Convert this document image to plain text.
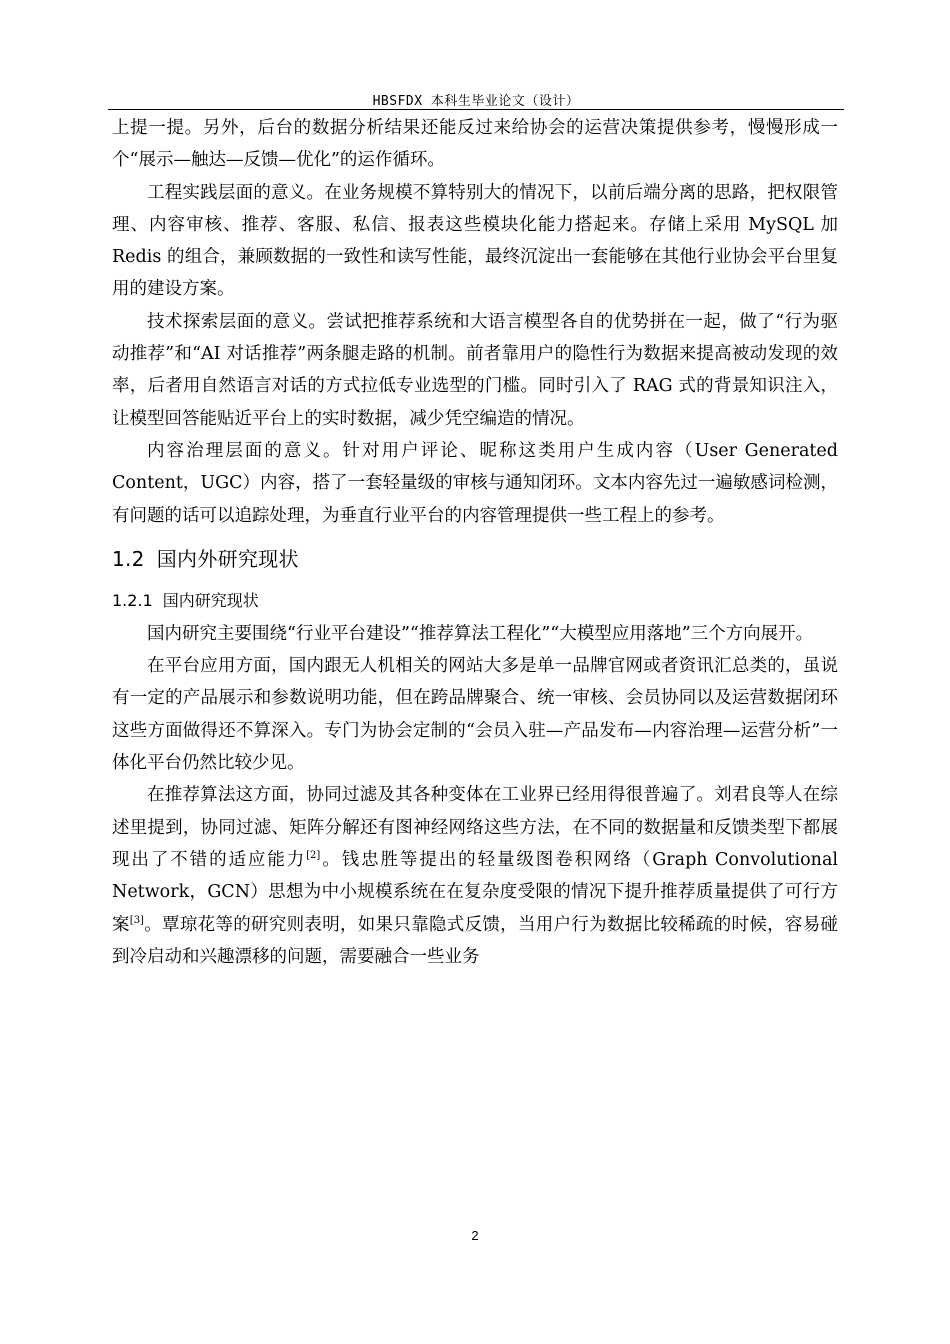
HBSFDX 本科生毕业论文（设计）

上提一提。另外，后台的数据分析结果还能反过来给协会的运营决策提供参考，慢慢形成一个“展示—触达—反馈—优化”的运作循环。

工程实践层面的意义。在业务规模不算特别大的情况下，以前后端分离的思路，把权限管理、内容审核、推荐、客服、私信、报表这些模块化能力搭起来。存储上采用 MySQL 加 Redis 的组合，兼顾数据的一致性和读写性能，最终沉淀出一套能够在其他行业协会平台里复用的建设方案。

技术探索层面的意义。尝试把推荐系统和大语言模型各自的优势拼在一起，做了“行为驱动推荐”和“AI 对话推荐”两条腿走路的机制。前者靠用户的隐性行为数据来提高被动发现的效率，后者用自然语言对话的方式拉低专业选型的门槛。同时引入了 RAG 式的背景知识注入，让模型回答能贴近平台上的实时数据，减少凭空编造的情况。

内容治理层面的意义。针对用户评论、昵称这类用户生成内容（User Generated Content，UGC）内容，搭了一套轻量级的审核与通知闭环。文本内容先过一遍敏感词检测，有问题的话可以追踪处理，为垂直行业平台的内容管理提供一些工程上的参考。

1.2 国内外研究现状
1.2.1 国内研究现状

国内研究主要围绕“行业平台建设”“推荐算法工程化”“大模型应用落地”三个方向展开。

在平台应用方面，国内跟无人机相关的网站大多是单一品牌官网或者资讯汇总类的，虽说有一定的产品展示和参数说明功能，但在跨品牌聚合、统一审核、会员协同以及运营数据闭环这些方面做得还不算深入。专门为协会定制的“会员入驻—产品发布—内容治理—运营分析”一体化平台仍然比较少见。

在推荐算法这方面，协同过滤及其各种变体在工业界已经用得很普遍了。刘君良等人在综述里提到，协同过滤、矩阵分解还有图神经网络这些方法，在不同的数据量和反馈类型下都展现出了不错的适应能力[2]。钱忠胜等提出的轻量级图卷积网络（Graph Convolutional Network，GCN）思想为中小规模系统在在复杂度受限的情况下提升推荐质量提供了可行方案[3]。覃琼花等的研究则表明，如果只靠隐式反馈，当用户行为数据比较稀疏的时候，容易碰到冷启动和兴趣漂移的问题，需要融合一些业务

2
